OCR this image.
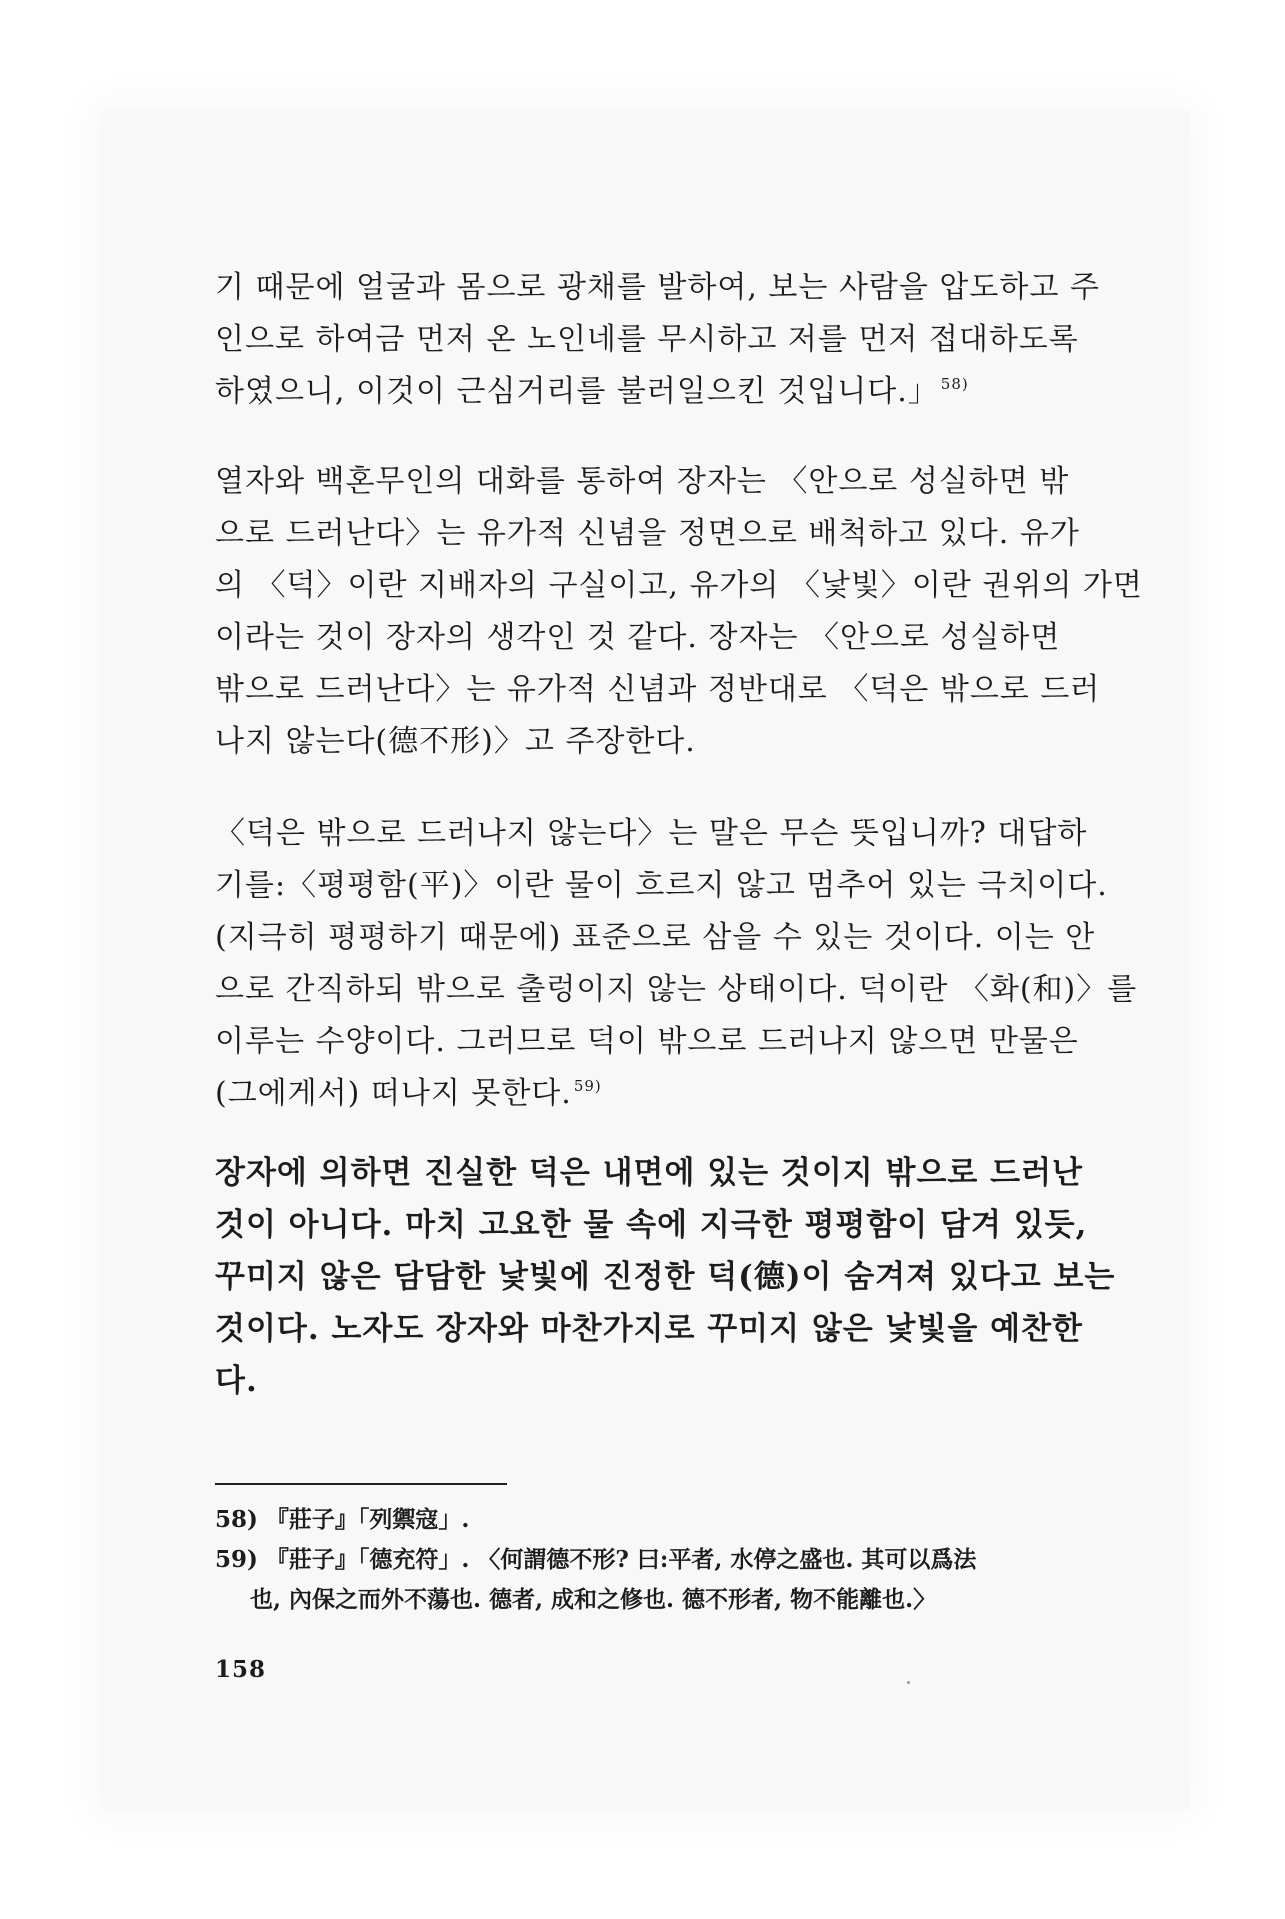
기 때문에 얼굴과 몸으로 광채를 발하여, 보는 사람을 압도하고 주
인으로 하여금 먼저 온 노인네를 무시하고 저를 먼저 접대하도록
하였으니, 이것이 근심거리를 불러일으킨 것입니다.」 $^{58)}$
열자와 백혼무인의 대화를 통하여 장자는 〈안으로 성실하면 밖
으로 드러난다〉는 유가적 신념을 정면으로 배척하고 있다. 유가
의 〈덕〉이란 지배자의 구실이고, 유가의 〈낯빛〉이란 권위의 가면
이라는 것이 장자의 생각인 것 같다. 장자는 〈안으로 성실하면
밖으로 드러난다〉는 유가적 신념과 정반대로 〈덕은 밖으로 드러
나지 않는다(德不形)〉고 주장한다.
〈덕은 밖으로 드러나지 않는다〉는 말은 무슨 뜻입니까? 대답하
기를:〈평평함(平)〉이란 물이 흐르지 않고 멈추어 있는 극치이다.
(지극히 평평하기 때문에) 표준으로 삼을 수 있는 것이다. 이는 안
으로 간직하되 밖으로 출렁이지 않는 상태이다. 덕이란 〈화(和)〉를
이루는 수양이다. 그러므로 덕이 밖으로 드러나지 않으면 만물은
(그에게서) 떠나지 못한다. $^{59)}$
장자에 의하면 진실한 덕은 내면에 있는 것이지 밖으로 드러난
것이 아니다. 마치 고요한 물 속에 지극한 평평함이 담겨 있듯,
꾸미지 않은 담담한 낯빛에 진정한 덕(德)이 숨겨져 있다고 보는
것이다. 노자도 장자와 마찬가지로 꾸미지 않은 낯빛을 예찬한
다.
58) 『莊子』「列禦寇」.
59) 『莊子』「德充符」. 〈何謂德不形? 曰:平者, 水停之盛也. 其可以爲法
也, 內保之而外不蕩也. 德者, 成和之修也. 德不形者, 物不能離也.〉
158
